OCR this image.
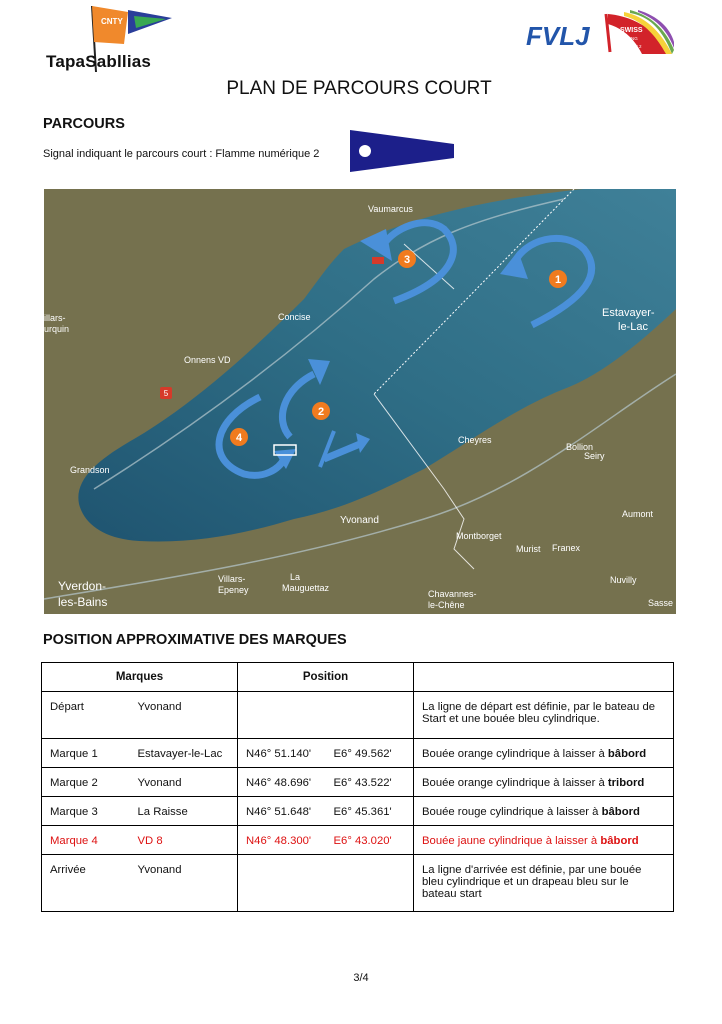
CNTY
TapaSabllias
FVLJ	SWISS
SAILING
REGION 2
PLAN DE PARCOURS COURT
PARCOURS
Signal indiquant le parcours court : Flamme numérique 2
1
2
3
4
5
Vaumarcus
Estavayer-
le-Lac
illars-
urquin
Concise
Onnens VD
Grandson
Cheyres
Bollion
Seiry
Aumont
Yvonand
Montborget
Murist Franex
Nuvilly
Yverdon-
les-Bains
Villars-
Epeney
La
Mauguettaz
Chavannes-
le-Chêne	Sasse
POSITION APPROXIMATIVE DES MARQUES
Marques		Position		
Départ	Yvonand			La ligne de départ est définie, par le bateau de Start et une bouée bleu cylindrique.
Marque 1	Estavayer-le-Lac	N46° 51.140'	E6° 49.562'	Bouée orange cylindrique à laisser à bâbord
Marque 2	Yvonand	N46° 48.696'	E6° 43.522'	Bouée orange cylindrique à laisser à tribord
Marque 3	La Raisse	N46° 51.648'	E6° 45.361'	Bouée rouge cylindrique à laisser à bâbord
Marque 4	VD 8	N46° 48.300'	E6° 43.020'	Bouée jaune cylindrique à laisser à bâbord
Arrivée	Yvonand			La ligne d'arrivée est définie, par une bouée bleu cylindrique et un drapeau bleu sur le bateau start
3/4
